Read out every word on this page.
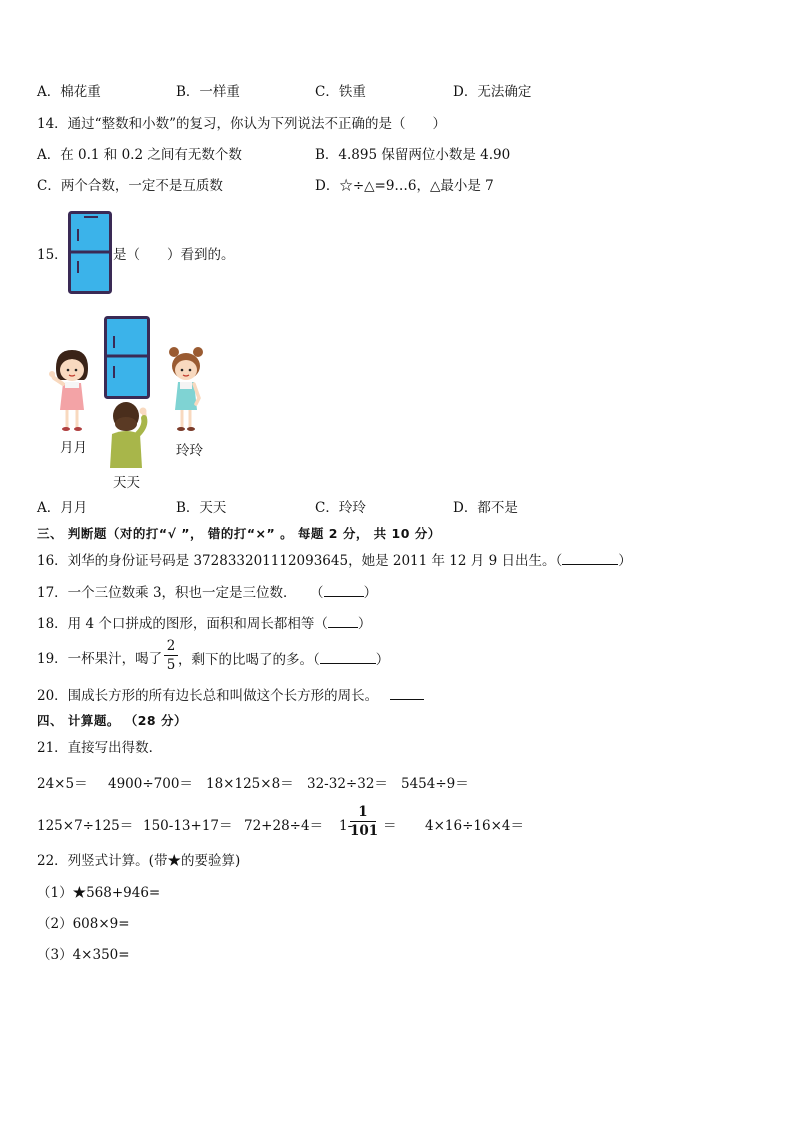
A．棉花重	B．一样重	C．铁重	D．无法确定
14．通过“整数和小数”的复习，你认为下列说法不正确的是（　　）
A．在 0.1 和 0.2 之间有无数个数	B．4.895 保留两位小数是 4.90
C．两个合数，一定不是互质数	D．☆÷△=9…6，△最小是 7
15．	是（　　）看到的。
月月	玲玲
天天
A．月月	B．天天	C．玲玲	D．都不是
三、 判断题（对的打“√ ”， 错的打“×” 。 每题 2 分， 共 10 分）
16．刘华的身份证号码是 372833201112093645，她是 2011 年 12 月 9 日出生。（	）
17．一个三位数乘 3，积也一定是三位数．　　（	）
18．用 4 个口拼成的图形，面积和周长都相等（ ）
19．一杯果汁，喝了
2
5 ，剩下的比喝了的多。（	）
20．围成长方形的所有边长总和叫做这个长方形的周长。
四、 计算题。 （28 分）
21．直接写出得数．
24×5＝ 4900÷700＝ 18×125×8＝ 32-32÷32＝ 5454÷9＝
125×7÷125＝ 150-13+17＝ 72+28÷4＝ 1-
1
101 ＝ 4×16÷16×4＝
22．列竖式计算。(带★的要验算)
（1）★568+946=
（2）608×9=
（3）4×350=
